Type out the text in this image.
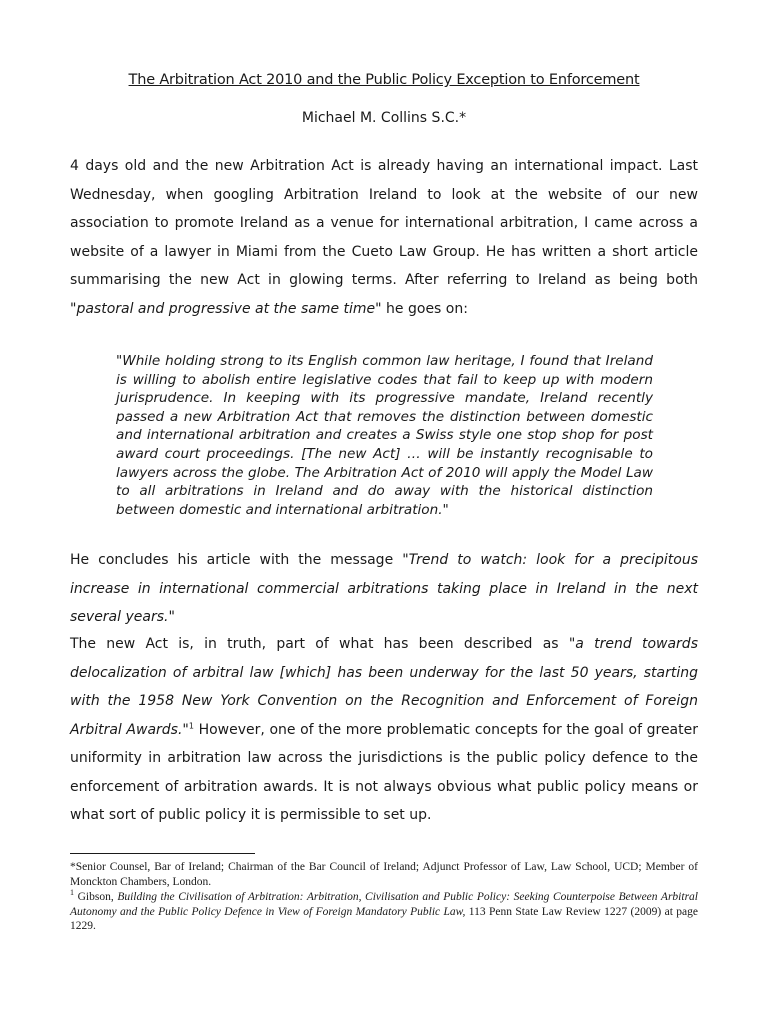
The Arbitration Act 2010 and the Public Policy Exception to Enforcement
Michael M. Collins S.C.*
4 days old and the new Arbitration Act is already having an international impact. Last Wednesday, when googling Arbitration Ireland to look at the website of our new association to promote Ireland as a venue for international arbitration, I came across a website of a lawyer in Miami from the Cueto Law Group. He has written a short article summarising the new Act in glowing terms. After referring to Ireland as being both "pastoral and progressive at the same time" he goes on:
"While holding strong to its English common law heritage, I found that Ireland is willing to abolish entire legislative codes that fail to keep up with modern jurisprudence. In keeping with its progressive mandate, Ireland recently passed a new Arbitration Act that removes the distinction between domestic and international arbitration and creates a Swiss style one stop shop for post award court proceedings. [The new Act] … will be instantly recognisable to lawyers across the globe. The Arbitration Act of 2010 will apply the Model Law to all arbitrations in Ireland and do away with the historical distinction between domestic and international arbitration."
He concludes his article with the message "Trend to watch: look for a precipitous increase in international commercial arbitrations taking place in Ireland in the next several years."
The new Act is, in truth, part of what has been described as "a trend towards delocalization of arbitral law [which] has been underway for the last 50 years, starting with the 1958 New York Convention on the Recognition and Enforcement of Foreign Arbitral Awards."$^1$ However, one of the more problematic concepts for the goal of greater uniformity in arbitration law across the jurisdictions is the public policy defence to the enforcement of arbitration awards. It is not always obvious what public policy means or what sort of public policy it is permissible to set up.
*Senior Counsel, Bar of Ireland; Chairman of the Bar Council of Ireland; Adjunct Professor of Law, Law School, UCD; Member of Monckton Chambers, London.
$^1$ Gibson, Building the Civilisation of Arbitration: Arbitration, Civilisation and Public Policy: Seeking Counterpoise Between Arbitral Autonomy and the Public Policy Defence in View of Foreign Mandatory Public Law, 113 Penn State Law Review 1227 (2009) at page 1229.
